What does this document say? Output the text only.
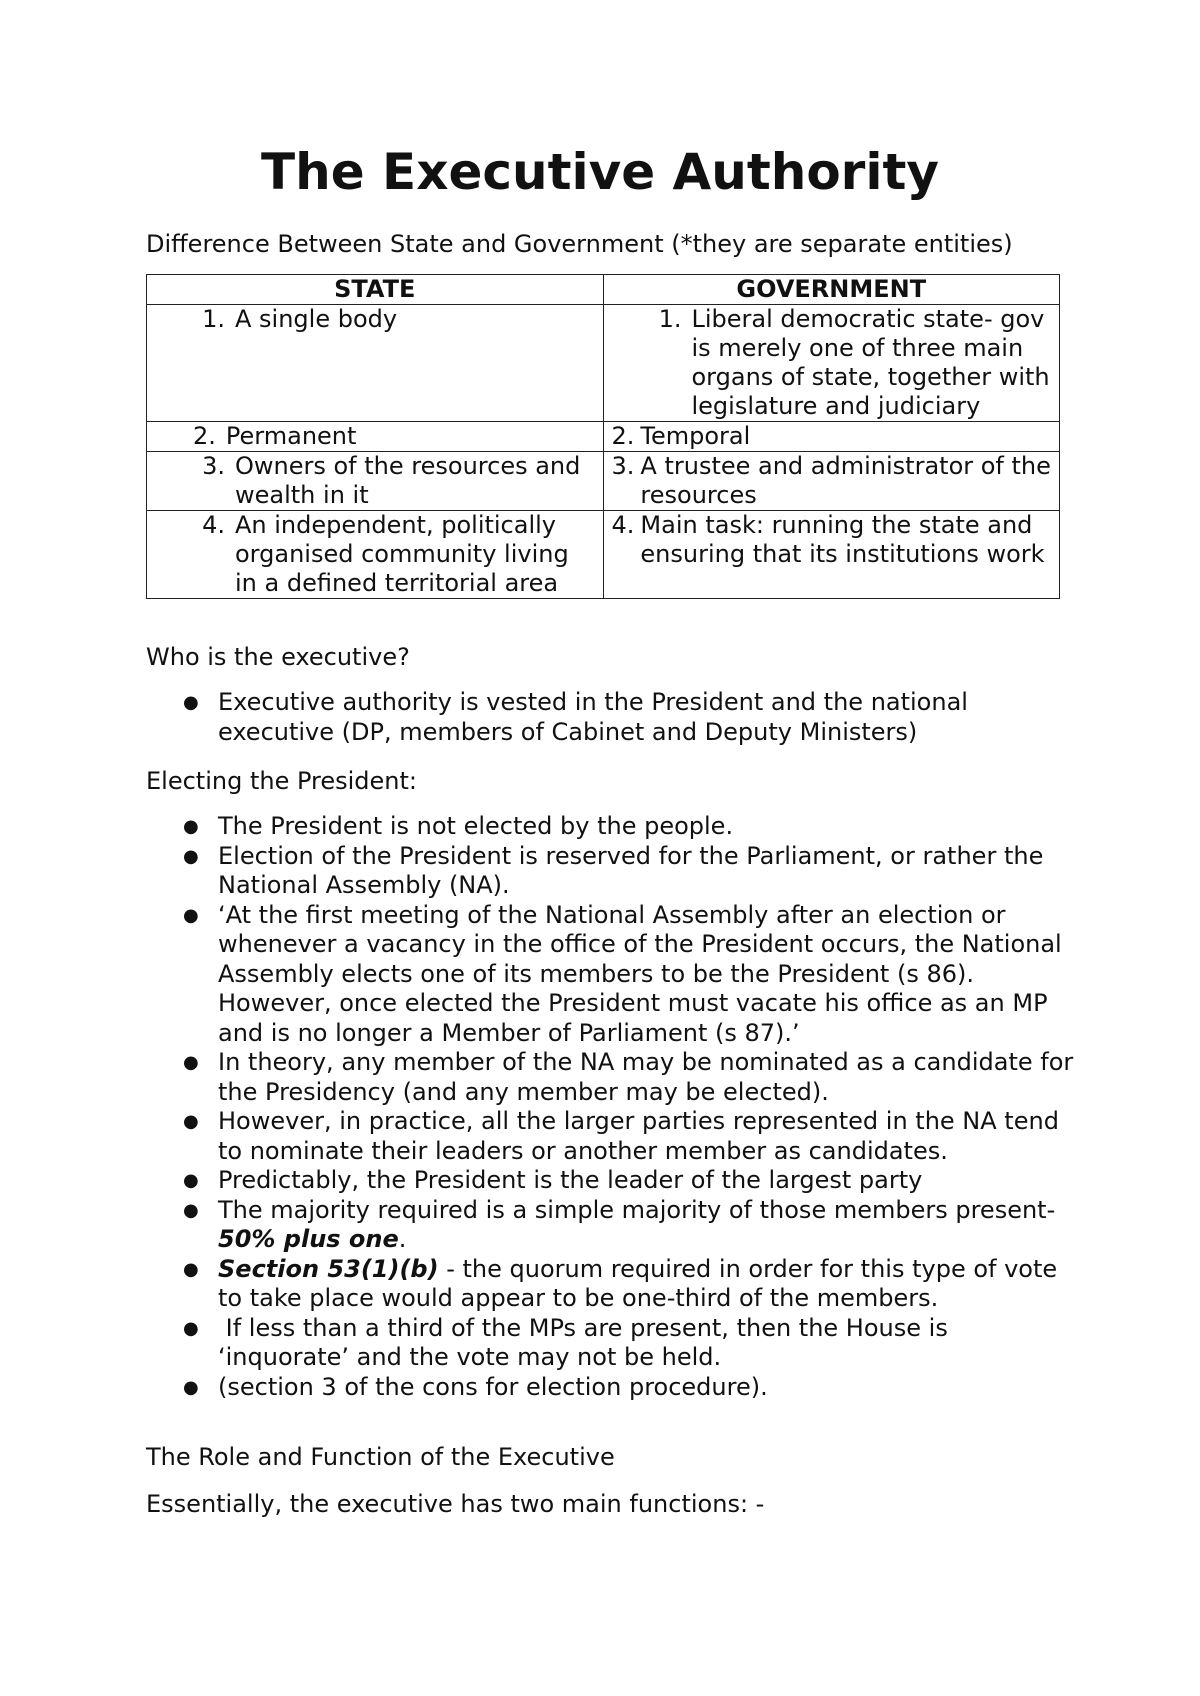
The Executive Authority

Difference Between State and Government (*they are separate entities)

STATE	GOVERNMENT

1. A single body	1. Liberal democratic state- gov is merely one of three main organs of state, together with legislature and judiciary

2. Permanent	2. Temporal

3. Owners of the resources and wealth in it	3. A trustee and administrator of the resources

4. An independent, politically organised community living in a defined territorial area	4. Main task: running the state and ensuring that its institutions work

Who is the executive?

● Executive authority is vested in the President and the national executive (DP, members of Cabinet and Deputy Ministers)

Electing the President:

● The President is not elected by the people.
● Election of the President is reserved for the Parliament, or rather the National Assembly (NA).
● ‘At the first meeting of the National Assembly after an election or whenever a vacancy in the office of the President occurs, the National Assembly elects one of its members to be the President (s 86). However, once elected the President must vacate his office as an MP and is no longer a Member of Parliament (s 87).’
● In theory, any member of the NA may be nominated as a candidate for the Presidency (and any member may be elected).
● However, in practice, all the larger parties represented in the NA tend to nominate their leaders or another member as candidates.
● Predictably, the President is the leader of the largest party
● The majority required is a simple majority of those members present- 50% plus one.
● Section 53(1)(b) - the quorum required in order for this type of vote to take place would appear to be one-third of the members.
● If less than a third of the MPs are present, then the House is ‘inquorate’ and the vote may not be held.
● (section 3 of the cons for election procedure).

The Role and Function of the Executive

Essentially, the executive has two main functions: -
